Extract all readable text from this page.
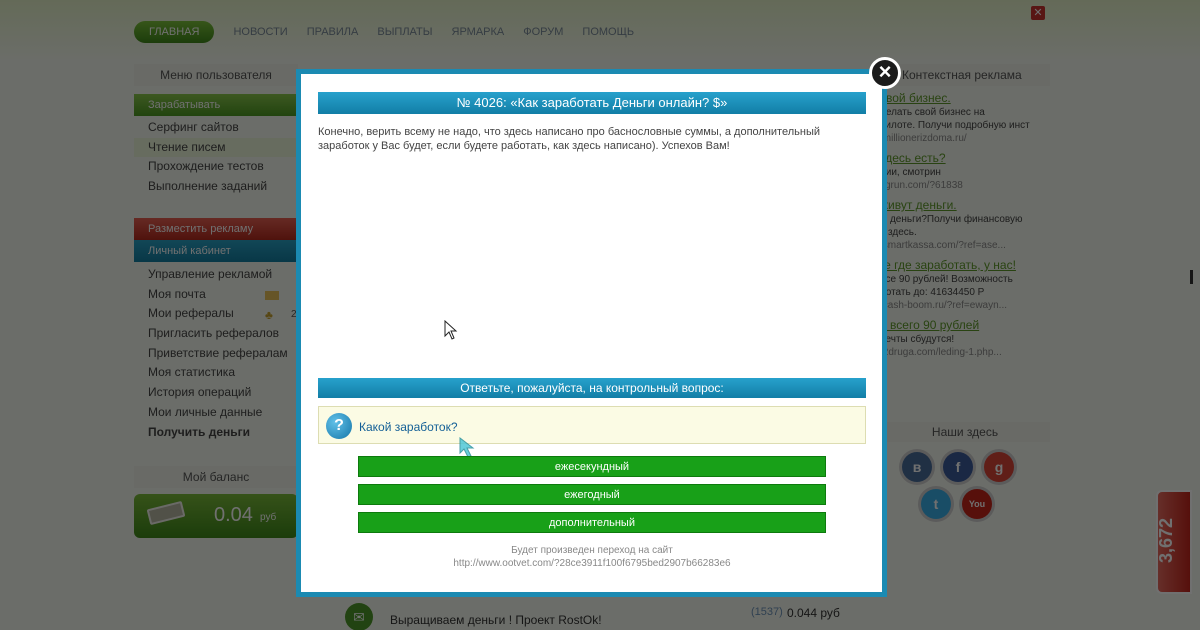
×
№ 4026: «Как заработать Деньги онлайн? $»
Конечно, верить всему не надо, что здесь написано про баснословные суммы, а дополнительный заработок у Вас будет, если будете работать, как здесь написано). Успехов Вам!
Ответьте, пожалуйста, на контрольный вопрос:
?	Какой заработок?
ежесекундный
ежегодный
дополнительный
Будет произведен переход на сайт
http://www.ootvet.com/?28ce3911f100f6795bed2907b66283e6
